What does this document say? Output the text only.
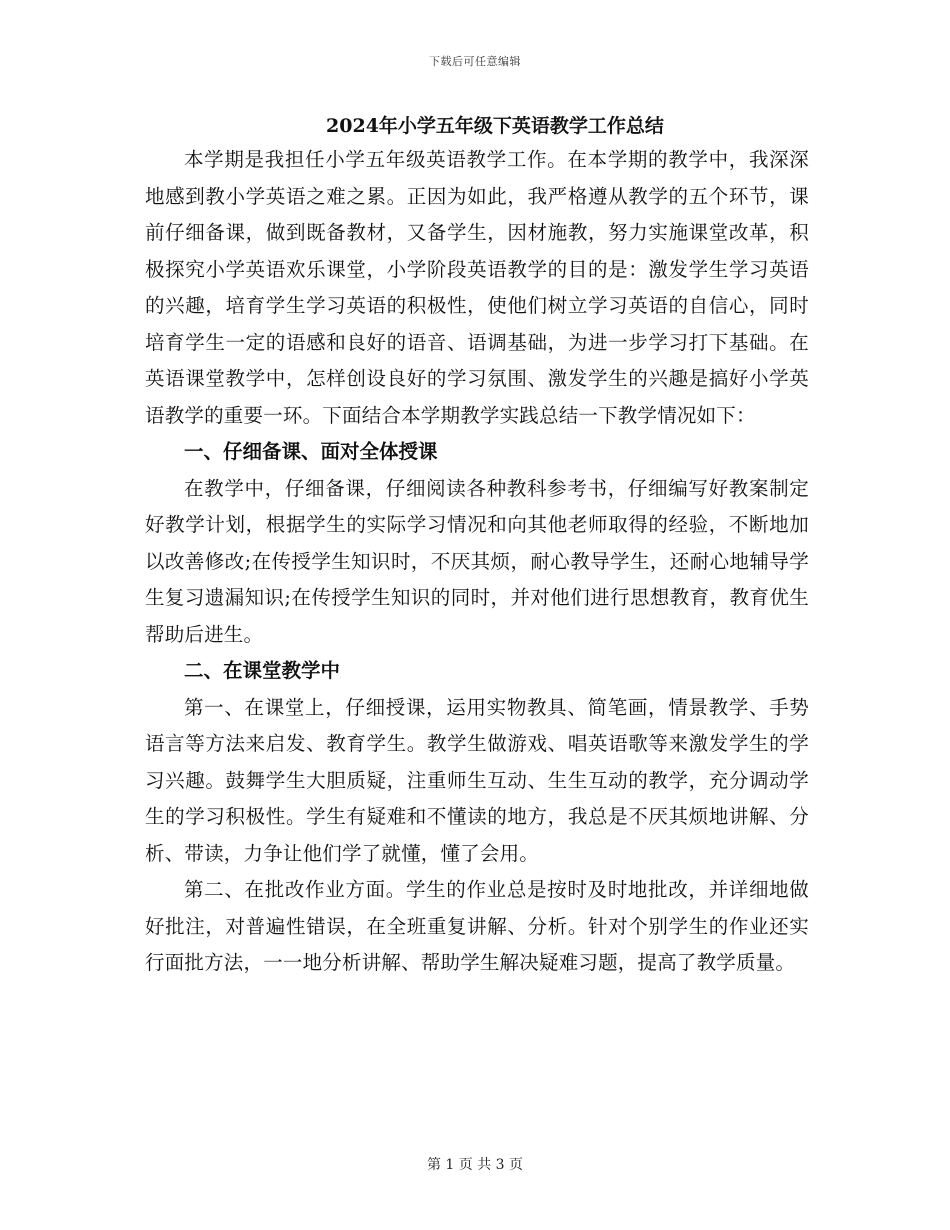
下载后可任意编辑
2024年小学五年级下英语教学工作总结

本学期是我担任小学五年级英语教学工作。在本学期的教学中，我深深地感到教小学英语之难之累。正因为如此，我严格遵从教学的五个环节，课前仔细备课，做到既备教材，又备学生，因材施教，努力实施课堂改革，积极探究小学英语欢乐课堂，小学阶段英语教学的目的是：激发学生学习英语的兴趣，培育学生学习英语的积极性，使他们树立学习英语的自信心，同时培育学生一定的语感和良好的语音、语调基础，为进一步学习打下基础。在英语课堂教学中，怎样创设良好的学习氛围、激发学生的兴趣是搞好小学英语教学的重要一环。下面结合本学期教学实践总结一下教学情况如下：

一、仔细备课、面对全体授课

在教学中，仔细备课，仔细阅读各种教科参考书，仔细编写好教案制定好教学计划，根据学生的实际学习情况和向其他老师取得的经验，不断地加以改善修改;在传授学生知识时，不厌其烦，耐心教导学生，还耐心地辅导学生复习遗漏知识;在传授学生知识的同时，并对他们进行思想教育，教育优生帮助后进生。

二、在课堂教学中

第一、在课堂上，仔细授课，运用实物教具、简笔画，情景教学、手势语言等方法来启发、教育学生。教学生做游戏、唱英语歌等来激发学生的学习兴趣。鼓舞学生大胆质疑，注重师生互动、生生互动的教学，充分调动学生的学习积极性。学生有疑难和不懂读的地方，我总是不厌其烦地讲解、分析、带读，力争让他们学了就懂，懂了会用。

第二、在批改作业方面。学生的作业总是按时及时地批改，并详细地做好批注，对普遍性错误，在全班重复讲解、分析。针对个别学生的作业还实行面批方法，一一地分析讲解、帮助学生解决疑难习题，提高了教学质量。

第 1 页 共 3 页
